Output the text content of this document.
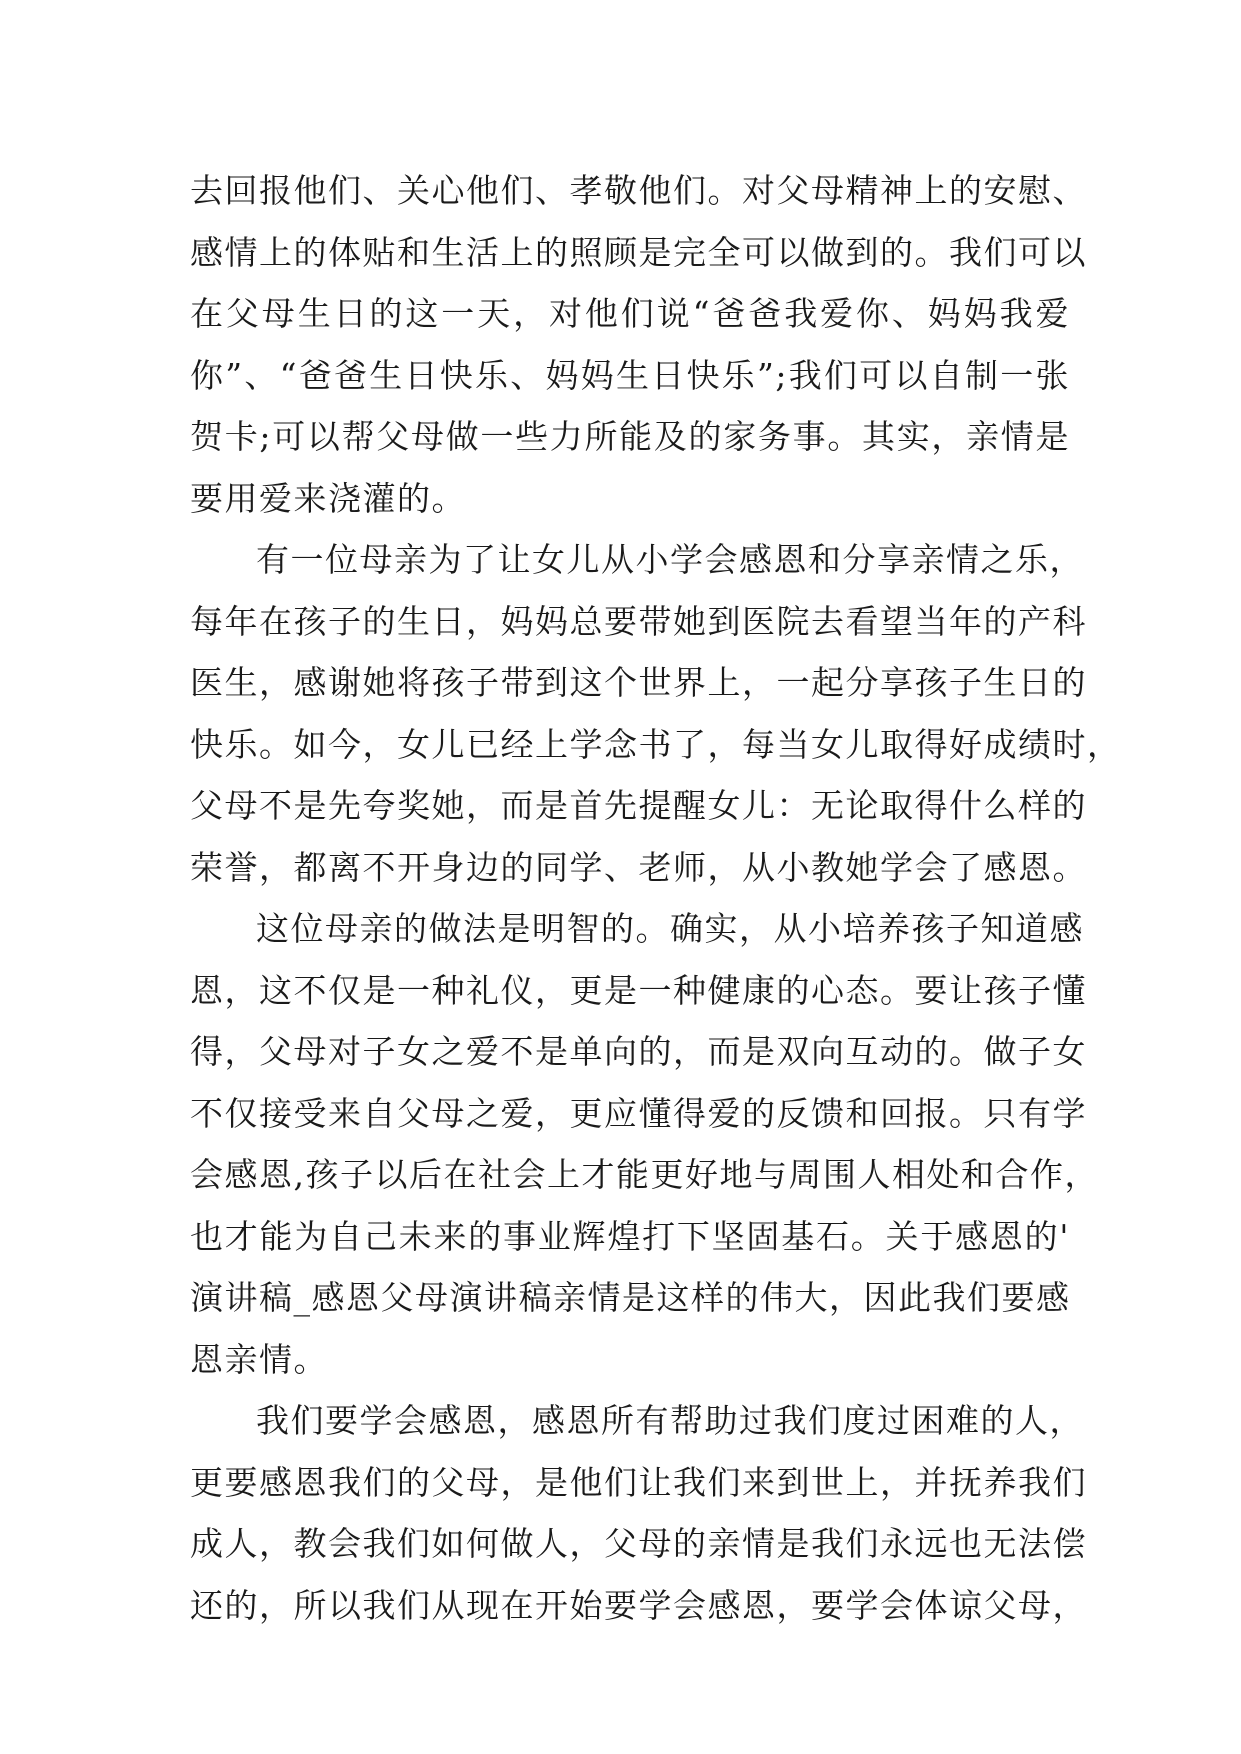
去回报他们、关心他们、孝敬他们。对父母精神上的安慰、
感情上的体贴和生活上的照顾是完全可以做到的。我们可以
在父母生日的这一天，对他们说“爸爸我爱你、妈妈我爱
你”、“爸爸生日快乐、妈妈生日快乐”;我们可以自制一张
贺卡;可以帮父母做一些力所能及的家务事。其实，亲情是
要用爱来浇灌的。
有一位母亲为了让女儿从小学会感恩和分享亲情之乐，
每年在孩子的生日，妈妈总要带她到医院去看望当年的产科
医生，感谢她将孩子带到这个世界上，一起分享孩子生日的
快乐。如今，女儿已经上学念书了，每当女儿取得好成绩时，
父母不是先夸奖她，而是首先提醒女儿：无论取得什么样的
荣誉，都离不开身边的同学、老师，从小教她学会了感恩。
这位母亲的做法是明智的。确实，从小培养孩子知道感
恩，这不仅是一种礼仪，更是一种健康的心态。要让孩子懂
得，父母对子女之爱不是单向的，而是双向互动的。做子女
不仅接受来自父母之爱，更应懂得爱的反馈和回报。只有学
会感恩,孩子以后在社会上才能更好地与周围人相处和合作，
也才能为自己未来的事业辉煌打下坚固基石。关于感恩的'
演讲稿_感恩父母演讲稿亲情是这样的伟大，因此我们要感
恩亲情。
我们要学会感恩，感恩所有帮助过我们度过困难的人，
更要感恩我们的父母，是他们让我们来到世上，并抚养我们
成人，教会我们如何做人，父母的亲情是我们永远也无法偿
还的，所以我们从现在开始要学会感恩，要学会体谅父母，
